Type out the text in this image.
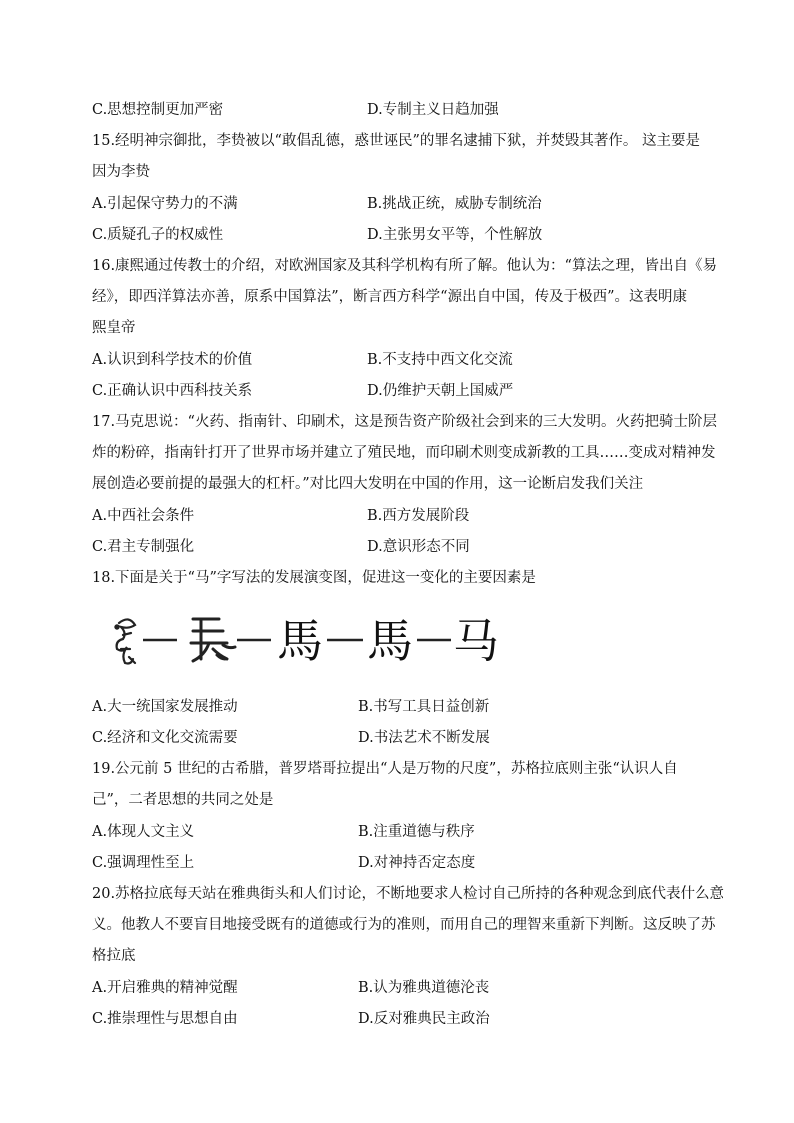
C.思想控制更加严密	D.专制主义日趋加强
15.经明神宗御批，李贽被以“敢倡乱德，惑世诬民”的罪名逮捕下狱，并焚毁其著作。 这主要是
因为李贽
A.引起保守势力的不满	B.挑战正统，威胁专制统治
C.质疑孔子的权威性	D.主张男女平等，个性解放
16.康熙通过传教士的介绍，对欧洲国家及其科学机构有所了解。他认为：“算法之理，皆出自《易
经》，即西洋算法亦善，原系中国算法”，断言西方科学“源出自中国，传及于极西”。这表明康
熙皇帝
A.认识到科学技术的价值	B.不支持中西文化交流
C.正确认识中西科技关系	D.仍维护天朝上国威严
17.马克思说：“火药、指南针、印刷术，这是预告资产阶级社会到来的三大发明。火药把骑士阶层
炸的粉碎，指南针打开了世界市场并建立了殖民地，而印刷术则变成新教的工具……变成对精神发
展创造必要前提的最强大的杠杆。”对比四大发明在中国的作用，这一论断启发我们关注
A.中西社会条件	B.西方发展阶段
C.君主专制强化	D.意识形态不同
18.下面是关于“马”字写法的发展演变图，促进这一变化的主要因素是
馬 馬 马
A.大一统国家发展推动	B.书写工具日益创新
C.经济和文化交流需要	D.书法艺术不断发展
19.公元前 5 世纪的古希腊，普罗塔哥拉提出“人是万物的尺度”，苏格拉底则主张“认识人自
己”，二者思想的共同之处是
A.体现人文主义	B.注重道德与秩序
C.强调理性至上	D.对神持否定态度
20.苏格拉底每天站在雅典街头和人们讨论，不断地要求人检讨自己所持的各种观念到底代表什么意
义。他教人不要盲目地接受既有的道德或行为的准则，而用自己的理智来重新下判断。这反映了苏
格拉底
A.开启雅典的精神觉醒	B.认为雅典道德沦丧
C.推崇理性与思想自由	D.反对雅典民主政治
